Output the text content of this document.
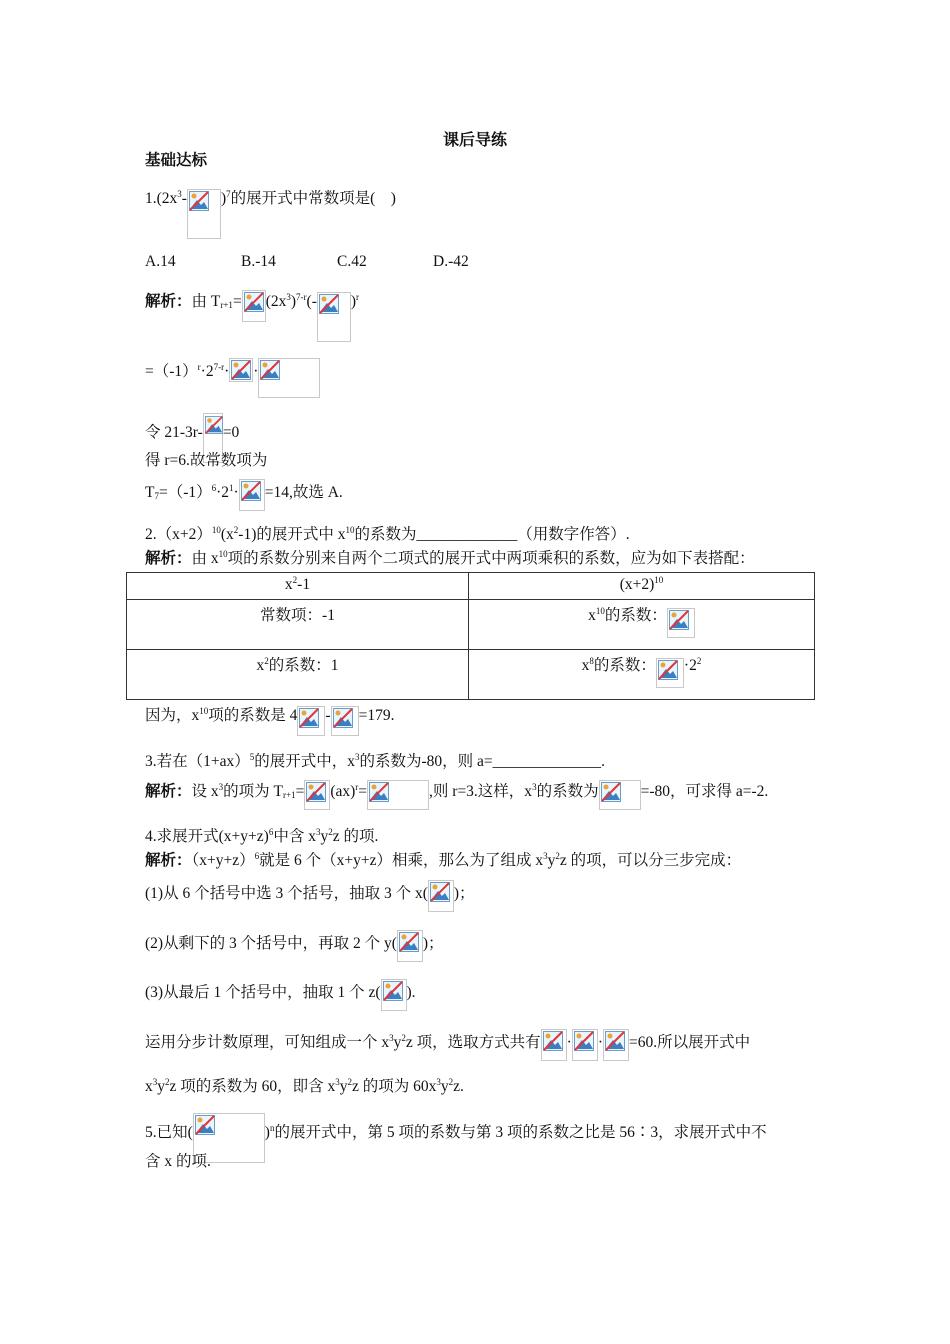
课后导练
基础达标
$1.(2x^3-$ )$^7$的展开式中常数项是(　)
A.14	B.-14	C.42	D.-42
解析：由 $T_{r+1}= (2x^3)^{7-r}(-$ )$^r$
$=(-1)^r\cdot 2^{7-r}\cdot$ ·
令 21-3r- =0
得 r=6.故常数项为
$T_7=(-1)^6\cdot 2^1\cdot =14$,故选 A.
$2.(x+2)^{10}(x^2-1)$的展开式中 $x^{10}$的系数为_____________（用数字作答）.
解析：由 $x^{10}$项的系数分别来自两个二项式的展开式中两项乘积的系数，应为如下表搭配：
$x^2-1$	$(x+2)^{10}$
常数项：-1	$x^{10}$的系数：

$x^2$的系数：1	$x^8$的系数： $\cdot 2^2$
因为，$x^{10}$项的系数是 4 - =179.
3.若在$(1+ax)^5$的展开式中，$x^3$的系数为-80，则 a=______________.
解析：设 $x^3$的项为 $T_{r+1}= (ax)^r=$	,则 r=3.这样，$x^3$的系数为	=-80，可求得 a=-2.
4.求展开式$(x+y+z)^6$中含 $x^3y^2z$ 的项.
解析：$(x+y+z)^6$就是 6 个（x+y+z）相乘，那么为了组成 $x^3y^2z$ 的项，可以分三步完成：
(1)从 6 个括号中选 3 个括号，抽取 3 个 x( )；
(2)从剩下的 3 个括号中，再取 2 个 y( )；
(3)从最后 1 个括号中，抽取 1 个 z( ).
运用分步计数原理，可知组成一个 $x^3y^2z$ 项，选取方式共有 · · =60.所以展开式中
$x^3y^2z$ 项的系数为 60，即含 $x^3y^2z$ 的项为 $60x^3y^2z$.
5.已知(	)$^n$的展开式中，第 5 项的系数与第 3 项的系数之比是 56∶3，求展开式中不
含 x 的项.
